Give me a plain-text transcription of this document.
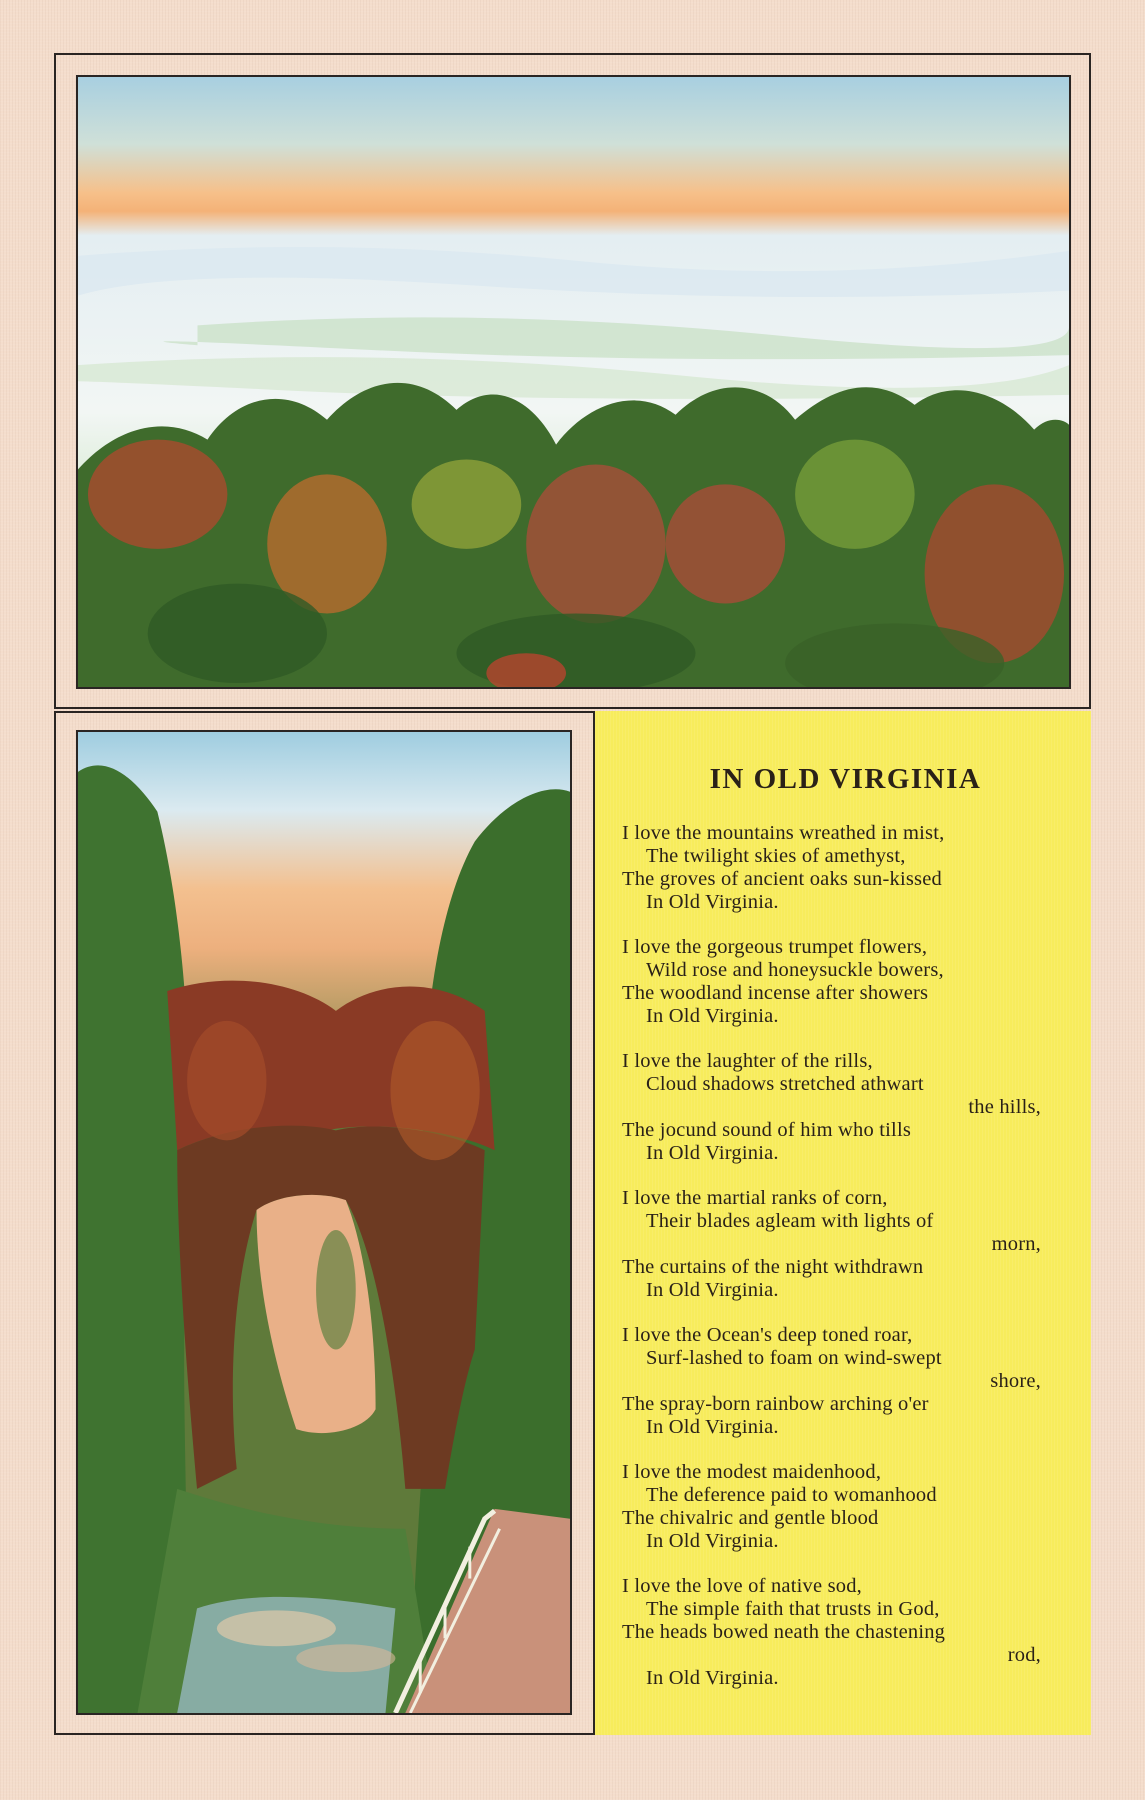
IN OLD VIRGINIA
I love the mountains wreathed in mist,
The twilight skies of amethyst,
The groves of ancient oaks sun-kissed
In Old Virginia.
I love the gorgeous trumpet flowers,
Wild rose and honeysuckle bowers,
The woodland incense after showers
In Old Virginia.
I love the laughter of the rills,
Cloud shadows stretched athwart
the hills,
The jocund sound of him who tills
In Old Virginia.
I love the martial ranks of corn,
Their blades agleam with lights of
morn,
The curtains of the night withdrawn
In Old Virginia.
I love the Ocean's deep toned roar,
Surf-lashed to foam on wind-swept
shore,
The spray-born rainbow arching o'er
In Old Virginia.
I love the modest maidenhood,
The deference paid to womanhood
The chivalric and gentle blood
In Old Virginia.
I love the love of native sod,
The simple faith that trusts in God,
The heads bowed neath the chastening
rod,
In Old Virginia.
